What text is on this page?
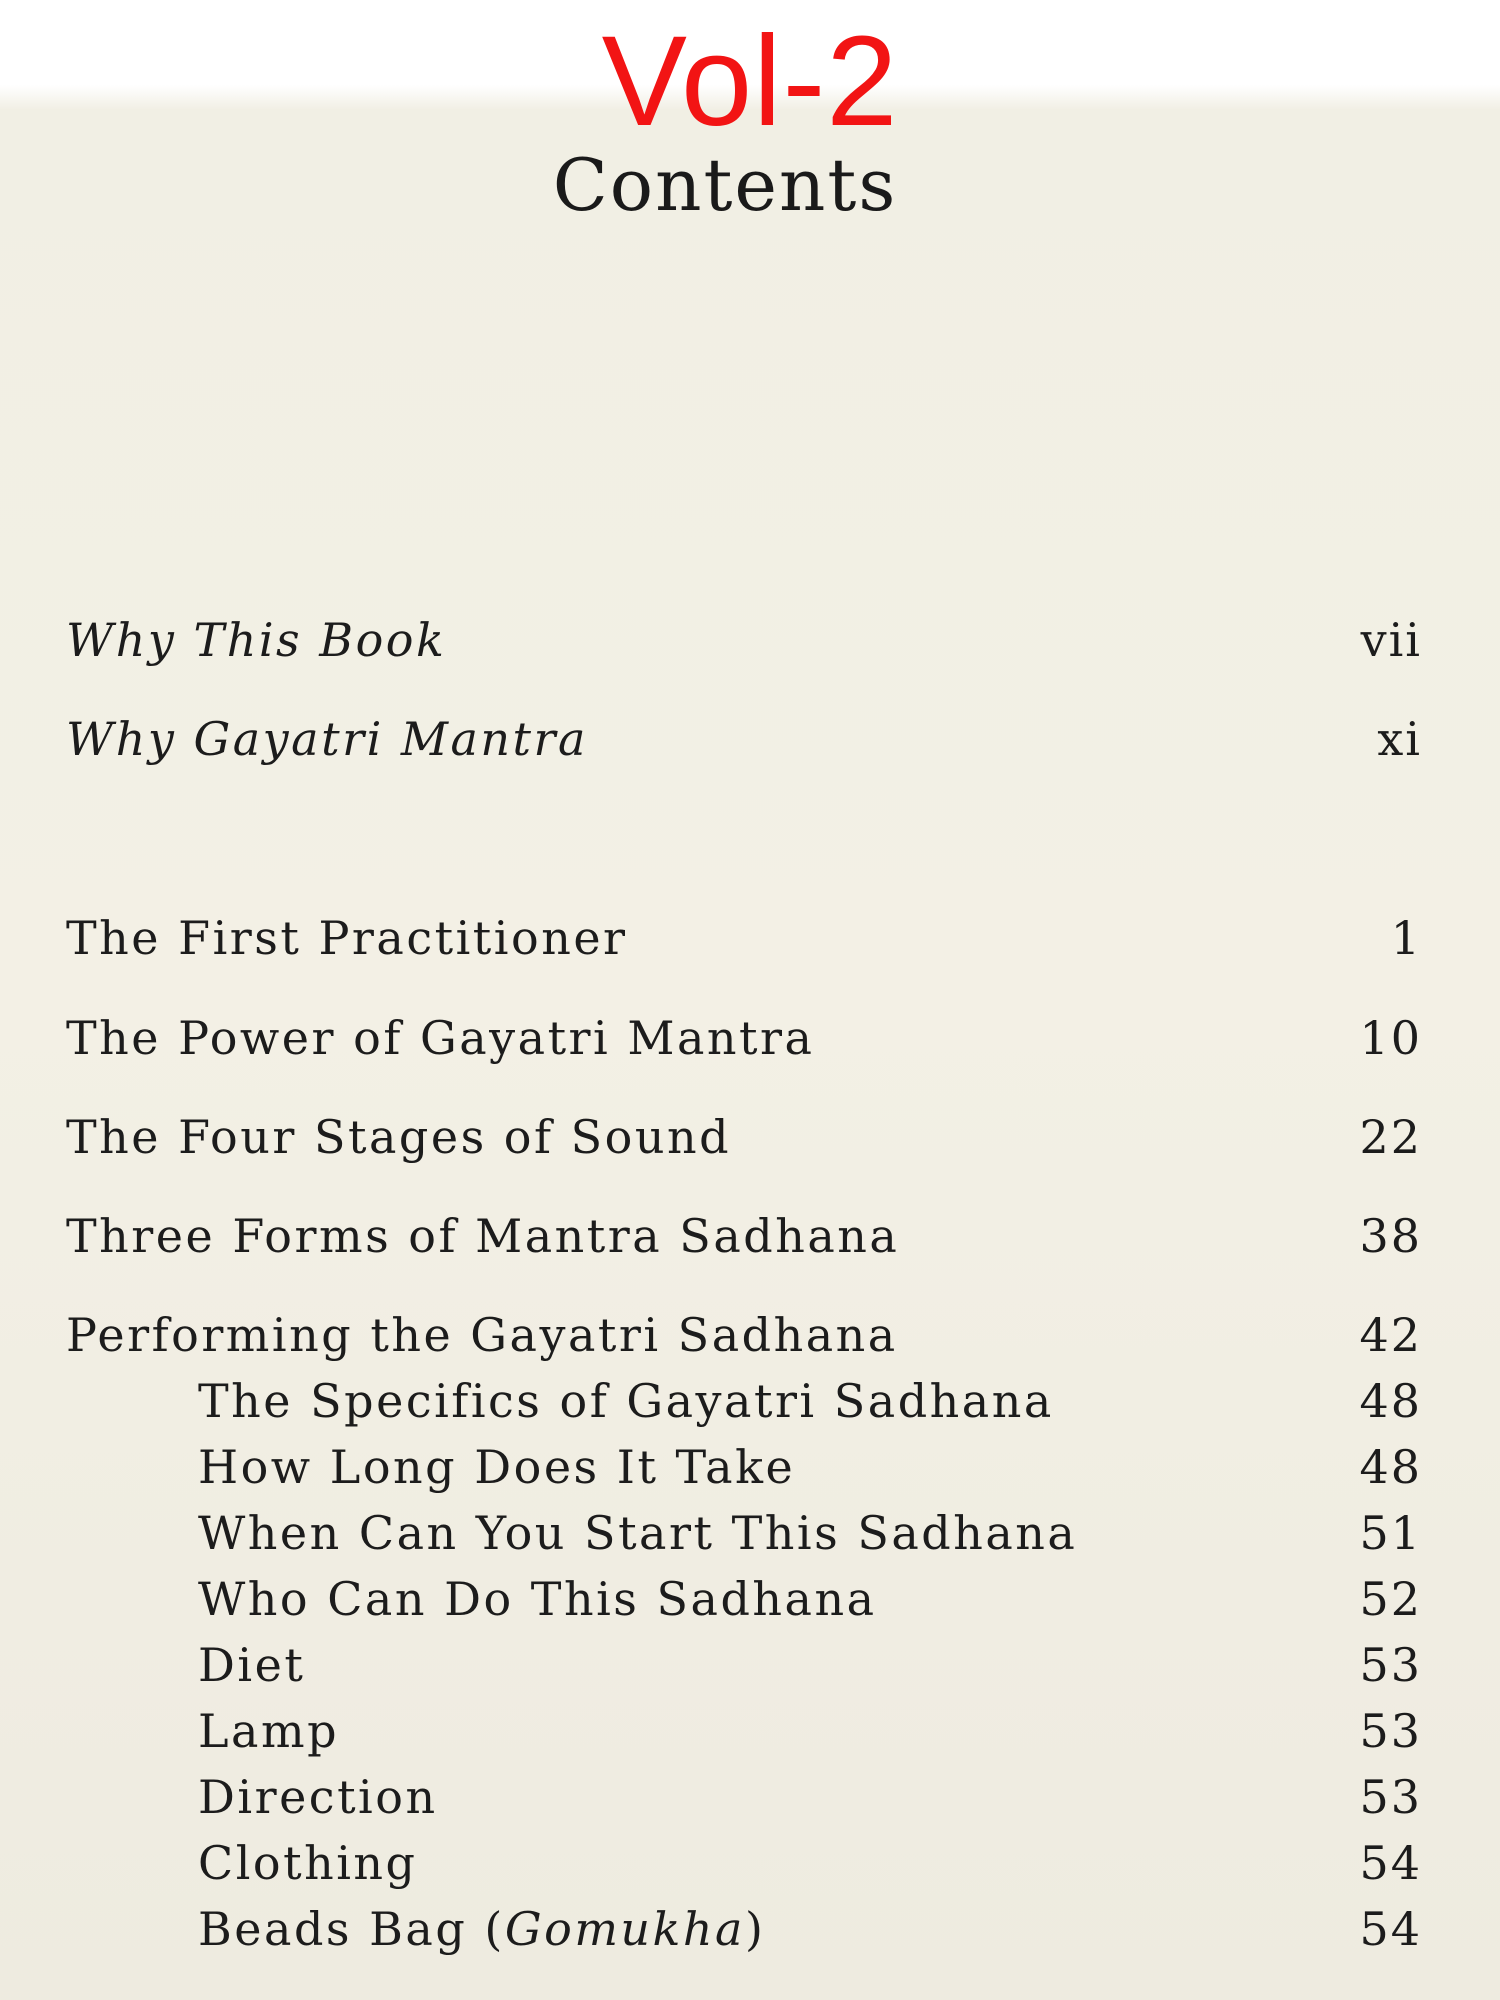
Vol-2
Contents
Why This Book	vii
Why Gayatri Mantra	xi
The First Practitioner	1
The Power of Gayatri Mantra	10
The Four Stages of Sound	22
Three Forms of Mantra Sadhana	38
Performing the Gayatri Sadhana	42
The Specifics of Gayatri Sadhana	48
How Long Does It Take	48
When Can You Start This Sadhana	51
Who Can Do This Sadhana	52
Diet	53
Lamp	53
Direction	53
Clothing	54
Beads Bag (Gomukha)	54
